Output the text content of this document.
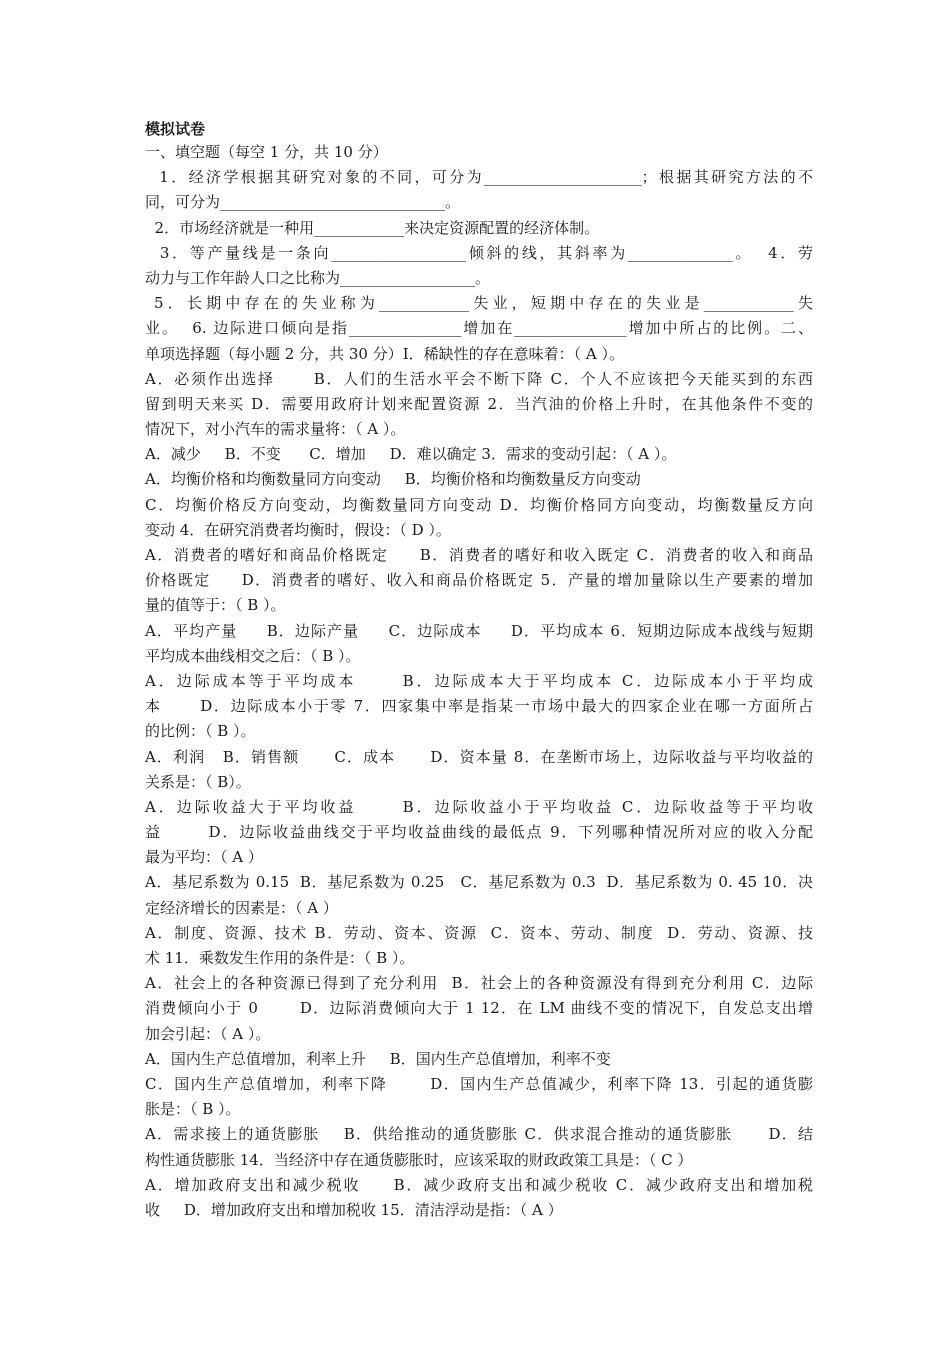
模拟试卷
一、填空题（每空 1 分，共 10 分）
1．经济学根据其研究对象的不同，可分为_____________________；根据其研究方法的不
同，可分为______________________________。
2．市场经济就是一种用____________来决定资源配置的经济体制。
3．等产量线是一条向__________________倾斜的线，其斜率为______________。  4．劳
动力与工作年龄人口之比称为__________________。
5．长期中存在的失业称为____________失业，短期中存在的失业是____________失
业。  6. 边际进口倾向是指_______________增加在_______________增加中所占的比例。二、
单项选择题（每小题 2 分，共 30 分）I．稀缺性的存在意味着：（ A ）。
A．必须作出选择      B．人们的生活水平会不断下降 C．个人不应该把今天能买到的东西
留到明天来买 D．需要用政府计划来配置资源 2．当汽油的价格上升时，在其他条件不变的
情况下，对小汽车的需求量将：（ A ）。
A．减少     B．不变      C．增加     D．难以确定 3．需求的变动引起：（ A ）。
A．均衡价格和均衡数量同方向变动     B．均衡价格和均衡数量反方向变动
C．均衡价格反方向变动，均衡数量同方向变动 D．均衡价格同方向变动，均衡数量反方向
变动 4．在研究消费者均衡时，假设：（ D ）。
A．消费者的嗜好和商品价格既定     B．消费者的嗜好和收入既定 C．消费者的收入和商品
价格既定     D．消费者的嗜好、收入和商品价格既定 5．产量的增加量除以生产要素的增加
量的值等于：（ B ）。
A．平均产量     B．边际产量     C．边际成本     D．平均成本 6．短期边际成本战线与短期
平均成本曲线相交之后：（ B ）。
A．边际成本等于平均成本      B．边际成本大于平均成本 C．边际成本小于平均成
本      D．边际成本小于零 7．四家集中率是指某一市场中最大的四家企业在哪一方面所占
的比例：（ B ）。
A．利润   B．销售额      C．成本      D．资本量 8．在垄断市场上，边际收益与平均收益的
关系是：（ B）。
A．边际收益大于平均收益      B．边际收益小于平均收益 C．边际收益等于平均收
益       D．边际收益曲线交于平均收益曲线的最低点 9．下列哪种情况所对应的收入分配
最为平均：（ A ）
A．基尼系数为 0.15  B．基尼系数为 0.25   C．基尼系数为 0.3  D．基尼系数为 0. 45 10．决
定经济增长的因素是：（ A ）
A．制度、资源、技术 B．劳动、资本、资源  C．资本、劳动、制度  D．劳动、资源、技
术 11．乘数发生作用的条件是：（ B ）。
A．社会上的各种资源已得到了充分利用  B．社会上的各种资源没有得到充分利用 C．边际
消费倾向小于 0       D．边际消费倾向大于 1 12．在 LM 曲线不变的情况下，自发总支出增
加会引起：（ A ）。
A．国内生产总值增加，利率上升     B．国内生产总值增加，利率不变
C．国内生产总值增加，利率下降       D．国内生产总值减少，利率下降 13．引起的通货膨
胀是：（ B ）。
A．需求接上的通货膨胀    B．供给推动的通货膨胀 C．供求混合推动的通货膨胀      D．结
构性通货膨胀 14．当经济中存在通货膨胀时，应该采取的财政政策工具是：（ C ）
A．增加政府支出和减少税收     B．减少政府支出和减少税收 C．减少政府支出和增加税
收     D．增加政府支出和增加税收 15．清洁浮动是指：（ A ）
